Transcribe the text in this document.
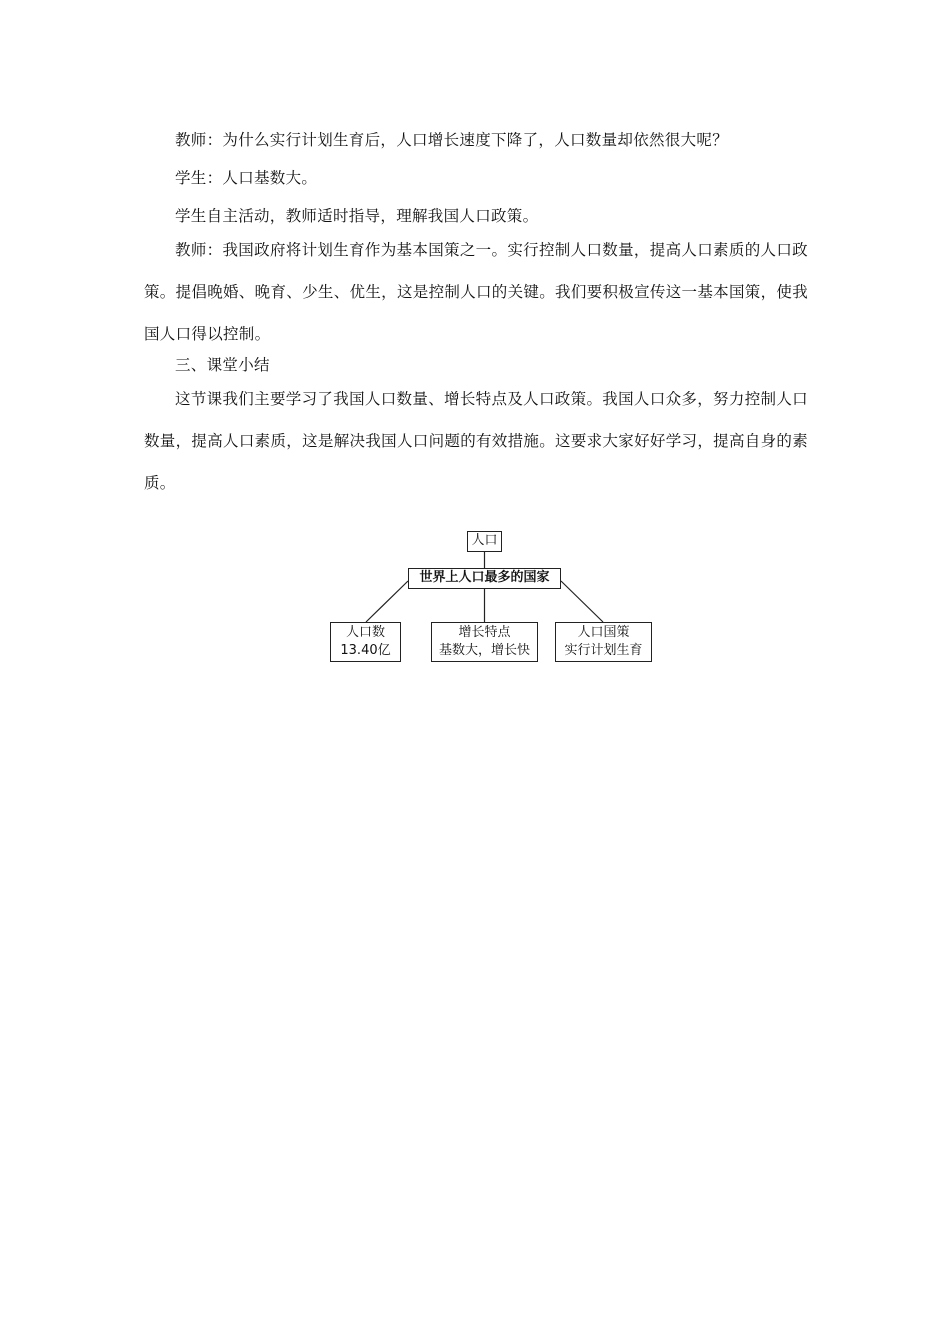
教师：为什么实行计划生育后，人口增长速度下降了，人口数量却依然很大呢？

学生：人口基数大。

学生自主活动，教师适时指导，理解我国人口政策。

教师：我国政府将计划生育作为基本国策之一。实行控制人口数量，提高人口素质的人口政策。提倡晚婚、晚育、少生、优生，这是控制人口的关键。我们要积极宣传这一基本国策，使我国人口得以控制。

三、课堂小结

这节课我们主要学习了我国人口数量、增长特点及人口政策。我国人口众多，努力控制人口数量，提高人口素质，这是解决我国人口问题的有效措施。这要求大家好好学习，提高自身的素质。

人口
世界上人口最多的国家
人口数
13.40亿
增长特点
基数大，增长快
人口国策
实行计划生育
